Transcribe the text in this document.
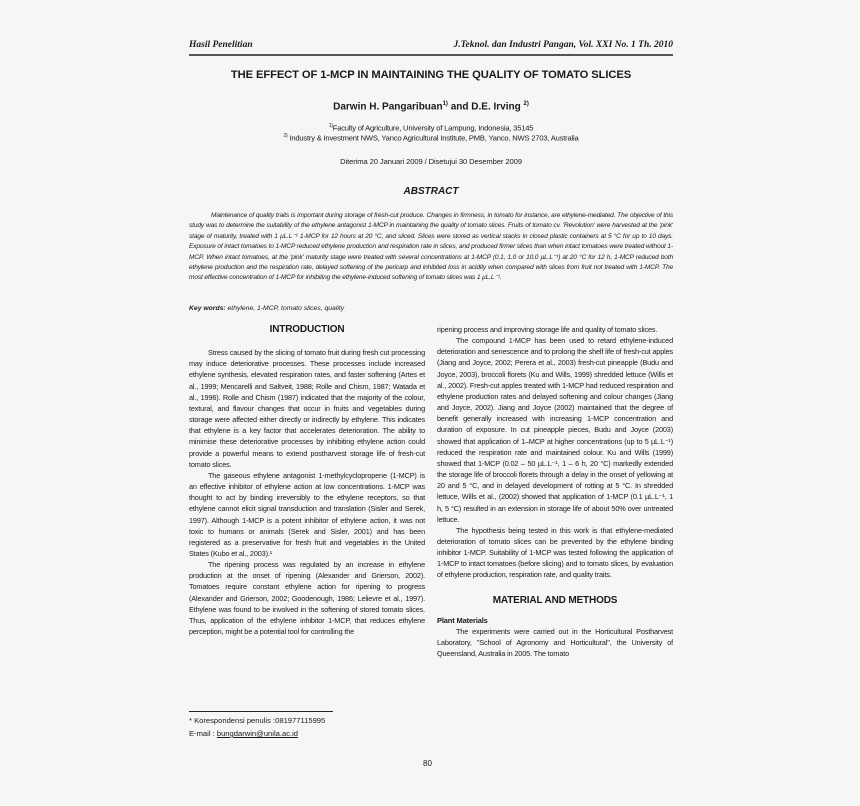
Hasil Penelitian	J.Teknol. dan Industri Pangan, Vol. XXI No. 1 Th. 2010
THE EFFECT OF 1-MCP IN MAINTAINING THE QUALITY OF TOMATO SLICES
Darwin H. Pangaribuan$^{1)}$ and D.E. Irving $^{2)}$
$^{1)}$Faculty of Agriculture, University of Lampung, Indonesia, 35145
$^{2)}$ Industry & Investment NWS, Yanco Agricultural Institute, PMB, Yanco, NWS 2703, Australia
Diterima 20 Januari 2009 / Disetujui 30 Desember 2009
ABSTRACT

Maintenance of quality traits is important during storage of fresh-cut produce. Changes in firmness, in tomato for instance, are ethylene-mediated. The objective of this study was to determine the suitability of the ethylene antagonist 1-MCP in maintaining the quality of tomato slices. Fruits of tomato cv. 'Revolution' were harvested at the 'pink' stage of maturity, treated with 1 µL.L⁻¹ 1-MCP for 12 hours at 20 °C, and sliced. Slices were stored as vertical stacks in closed plastic containers at 5 °C for up to 10 days. Exposure of intact tomatoes to 1-MCP reduced ethylene production and respiration rate in slices, and produced firmer slices than when intact tomatoes were treated without 1-MCP. When intact tomatoes, at the 'pink' maturity stage were treated with several concentrations at 1-MCP (0.1, 1.0 or 10.0 µL.L⁻¹) at 20 °C for 12 h, 1-MCP reduced both ethylene production and the respiration rate, delayed softening of the pericarp and inhibited loss in acidity when compared with slices from fruit not treated with 1-MCP. The most effective concentration of 1-MCP for inhibiting the ethylene-induced softening of tomato slices was 1 µL.L⁻¹.

Key words: ethylene, 1-MCP, tomato slices, quality
INTRODUCTION

Stress caused by the slicing of tomato fruit during fresh cut processing may induce deteriorative processes. These processes include increased ethylene synthesis, elevated respiration rates, and faster softening (Artes et al., 1999; Mencarelli and Saltveit, 1988; Rolle and Chism, 1987; Watada et al., 1996). Rolle and Chism (1987) indicated that the majority of the colour, textural, and flavour changes that occur in fruits and vegetables during storage were affected either directly or indirectly by ethylene. This indicates that ethylene is a key factor that accelerates deterioration. The ability to minimise these deteriorative processes by inhibiting ethylene action could provide a powerful means to extend postharvest storage life of fresh-cut tomato slices.

The gaseous ethylene antagonist 1-methylcyclopropene (1-MCP) is an effective inhibitor of ethylene action at low concentrations. 1-MCP was thought to act by binding irreversibly to the ethylene receptors, so that ethylene cannot elicit signal transduction and translation (Sisler and Serek, 1997). Although 1-MCP is a potent inhibitor of ethylene action, it was not toxic to humans or animals (Serek and Sisler, 2001) and has been registered as a preservative for fresh fruit and vegetables in the United States (Kubo et al., 2003).¹

The ripening process was regulated by an increase in ethylene production at the onset of ripening (Alexander and Grierson, 2002). Tomatoes require constant ethylene action for ripening to progress (Alexander and Grierson, 2002; Goodenough, 1986; Lelievre et al., 1997). Ethylene was found to be involved in the softening of stored tomato slices. Thus, application of the ethylene inhibitor 1-MCP, that reduces ethylene perception, might be a potential tool for controlling the

ripening process and improving storage life and quality of tomato slices.

The compound 1-MCP has been used to retard ethylene-induced deterioration and senescence and to prolong the shelf life of fresh-cut apples (Jiang and Joyce, 2002; Perera et al., 2003) fresh-cut pineapple (Budu and Joyce, 2003), broccoli florets (Ku and Wills, 1999) shredded lettuce (Wills et al., 2002). Fresh-cut apples treated with 1-MCP had reduced respiration and ethylene production rates and delayed softening and colour changes (Jiang and Joyce, 2002). Jiang and Joyce (2002) maintained that the degree of benefit generally increased with increasing 1-MCP concentration and duration of exposure. In cut pineapple pieces, Budu and Joyce (2003) showed that application of 1–MCP at higher concentrations (up to 5 µL.L⁻¹) reduced the respiration rate and maintained colour. Ku and Wills (1999) showed that 1-MCP (0.02 – 50 µL.L⁻¹, 1 – 6 h, 20 °C) markedly extended the storage life of broccoli florets through a delay in the onset of yellowing at 20 and 5 °C, and in delayed development of rotting at 5 °C. In shredded lettuce, Wills et al., (2002) showed that application of 1-MCP (0.1 µL.L⁻¹, 1 h, 5 °C) resulted in an extension in storage life of about 50% over untreated lettuce.

The hypothesis being tested in this work is that ethylene-mediated deterioration of tomato slices can be prevented by the ethylene binding inhibitor 1-MCP. Suitability of 1-MCP was tested following the application of 1-MCP to intact tomatoes (before slicing) and to tomato slices, by evaluation of ethylene production, respiration rate, and quality traits.

MATERIAL AND METHODS
Plant Materials

The experiments were carried out in the Horticultural Postharvest Laboratory, "School of Agronomy and Horticultural", the University of Queensland, Australia in 2005. The tomato

* Korespondensi penulis :081977115995
E-mail : bungdarwin@unila.ac.id
80
